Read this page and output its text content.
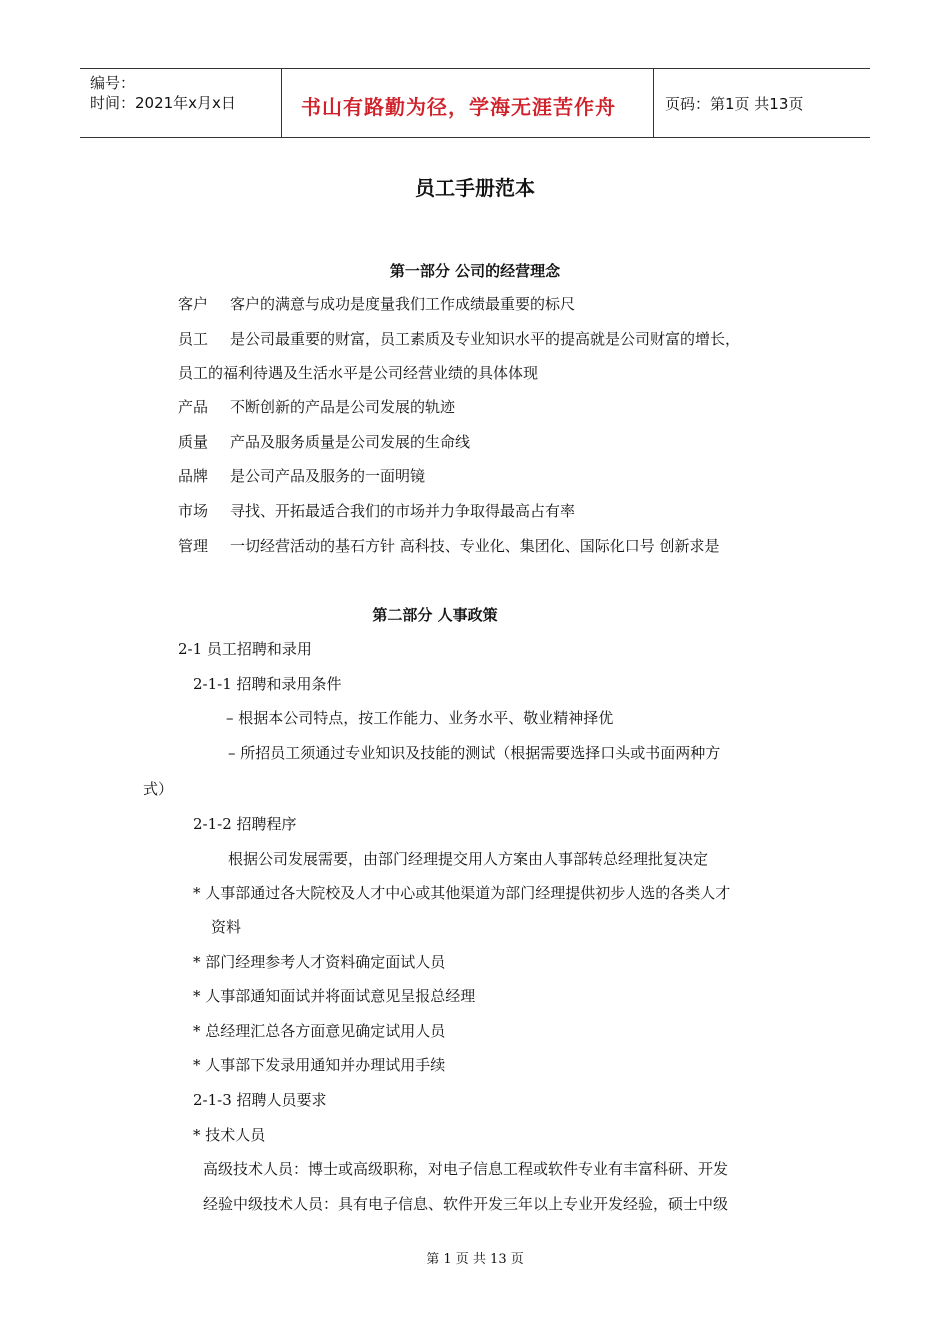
编号：
时间：2021年x月x日	书山有路勤为径，学海无涯苦作舟	页码：第1页 共13页
员工手册范本
第一部分 公司的经营理念
客户 客户的满意与成功是度量我们工作成绩最重要的标尺
员工 是公司最重要的财富，员工素质及专业知识水平的提高就是公司财富的增长，
员工的福利待遇及生活水平是公司经营业绩的具体体现
产品 不断创新的产品是公司发展的轨迹
质量 产品及服务质量是公司发展的生命线
品牌 是公司产品及服务的一面明镜
市场 寻找、开拓最适合我们的市场并力争取得最高占有率
管理 一切经营活动的基石方针 高科技、专业化、集团化、国际化口号 创新求是
第二部分 人事政策
2-1 员工招聘和录用
2-1-1 招聘和录用条件
– 根据本公司特点，按工作能力、业务水平、敬业精神择优
– 所招员工须通过专业知识及技能的测试（根据需要选择口头或书面两种方
式）
2-1-2 招聘程序
根据公司发展需要，由部门经理提交用人方案由人事部转总经理批复决定
* 人事部通过各大院校及人才中心或其他渠道为部门经理提供初步人选的各类人才
资料
* 部门经理参考人才资料确定面试人员
* 人事部通知面试并将面试意见呈报总经理
* 总经理汇总各方面意见确定试用人员
* 人事部下发录用通知并办理试用手续
2-1-3 招聘人员要求
* 技术人员
高级技术人员：博士或高级职称，对电子信息工程或软件专业有丰富科研、开发
经验中级技术人员：具有电子信息、软件开发三年以上专业开发经验，硕士中级
第 1 页 共 13 页
